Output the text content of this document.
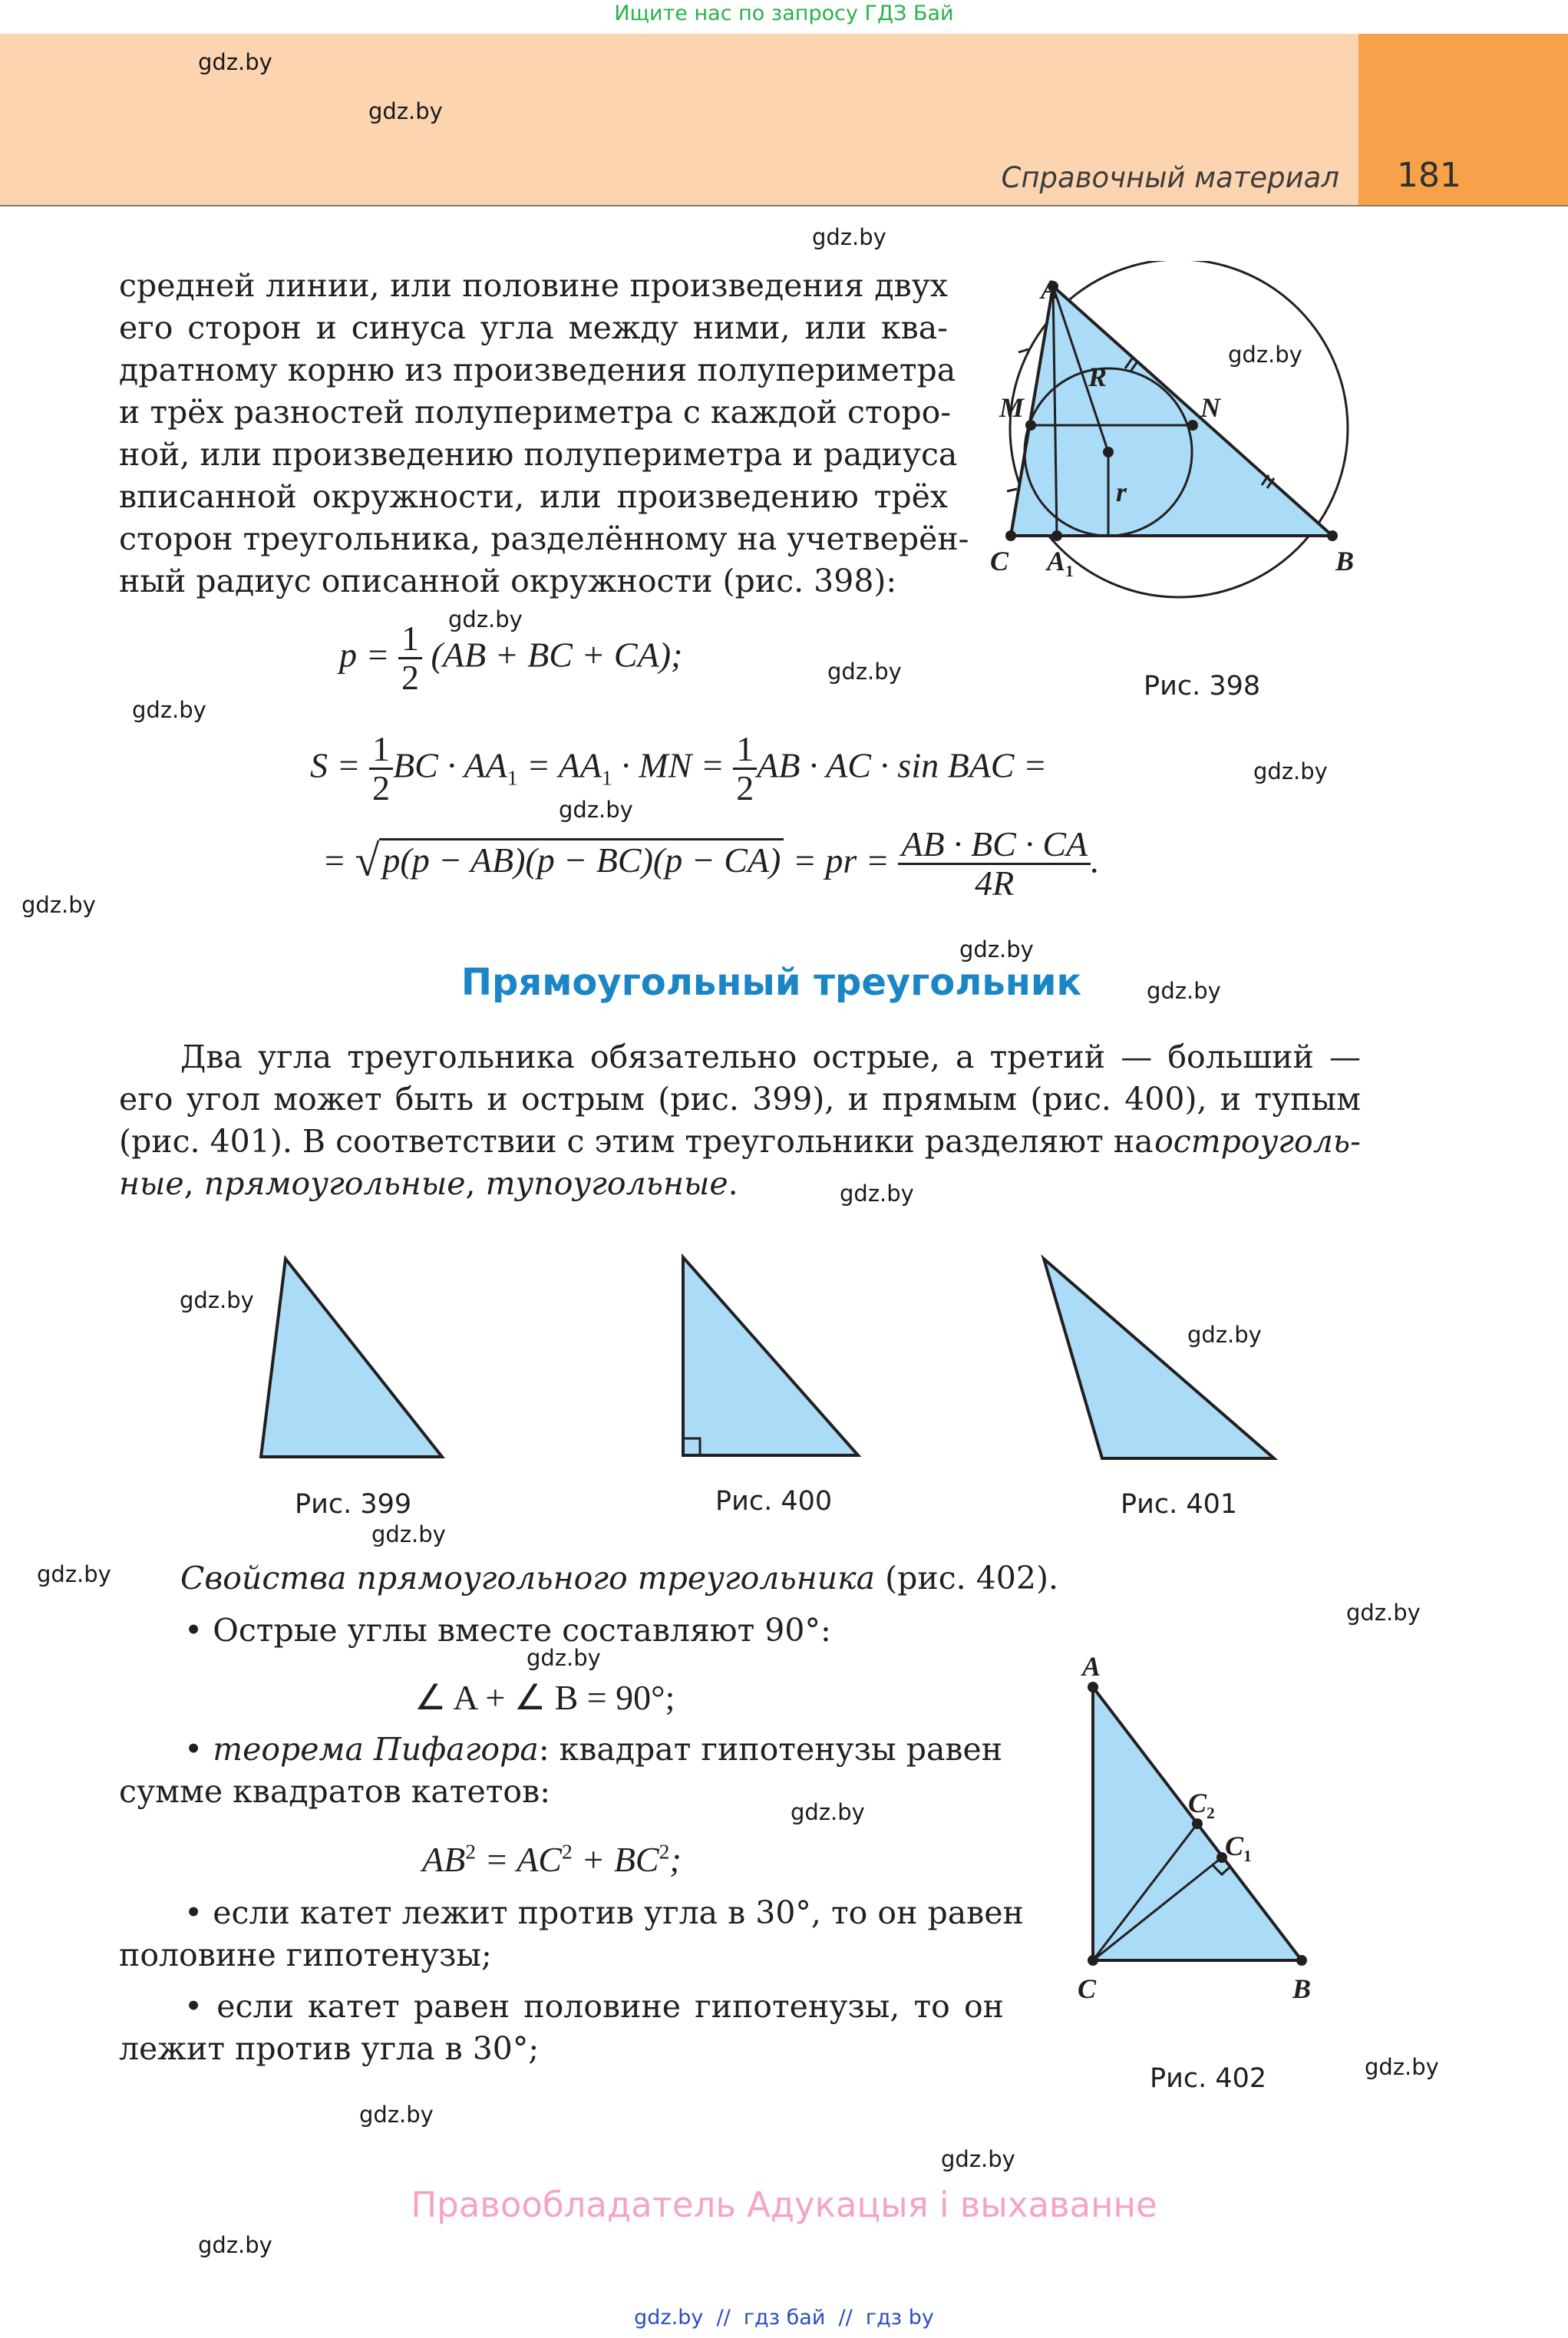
Ищите нас по запросу ГДЗ Бай
Справочный материал 181
gdz.by
gdz.by
gdz.by
gdz.by
gdz.by
gdz.by
gdz.by
gdz.by
gdz.by
gdz.by
gdz.by
gdz.by
gdz.by
gdz.by
gdz.by
gdz.by
gdz.by
gdz.by
gdz.by
gdz.by
gdz.by
gdz.by
gdz.by
gdz.by
средней линии, или половине произведения двух
его сторон и синуса угла между ними, или ква-
дратному корню из произведения полупериметра
и трёх разностей полупериметра с каждой сторо-
ной, или произведению полупериметра и радиуса
вписанной окружности, или произведению трёх
сторон треугольника, разделённому на учетверён-
ный радиус описанной окружности (рис. 398):
A
M
R
N
r
C $A_1$	B
Рис. 398
$p = \frac{1}{2} (AB$ + BC + CA);
$S = \frac{1}{2}$ BC · $AA_1 = AA_1$ · MN = $\frac{1}{2}$ AB · AC · sin BAC =
= √p(p − AB)(p − BC)(p − CA) = pr = $\frac{AB \cdot BC \cdot CA}{4R}$ .
Прямоугольный треугольник
Два угла треугольника обязательно острые, а третий — больший —
его угол может быть и острым (рис. 399), и прямым (рис. 400), и тупым
(рис. 401). В соответствии с этим треугольники разделяют на остроуголь-
ные, прямоугольные, тупоугольные.
Рис. 399	Рис. 400	Рис. 401
Свойства прямоугольного треугольника (рис. 402).
• Острые углы вместе составляют 90°:
∠ A + ∠ B = 90°;
• теорема Пифагора: квадрат гипотенузы равен
сумме квадратов катетов:
$AB^2 = AC^2 + BC^2$;
• если катет лежит против угла в 30°, то он равен
половине гипотенузы;
• если катет равен половине гипотенузы, то он
лежит против угла в 30°;
A
$C_2$
$C_1$
C	B
Рис. 402
Правообладатель Адукацыя і выхаванне
gdz.by  //  гдз бай  //  гдз by
